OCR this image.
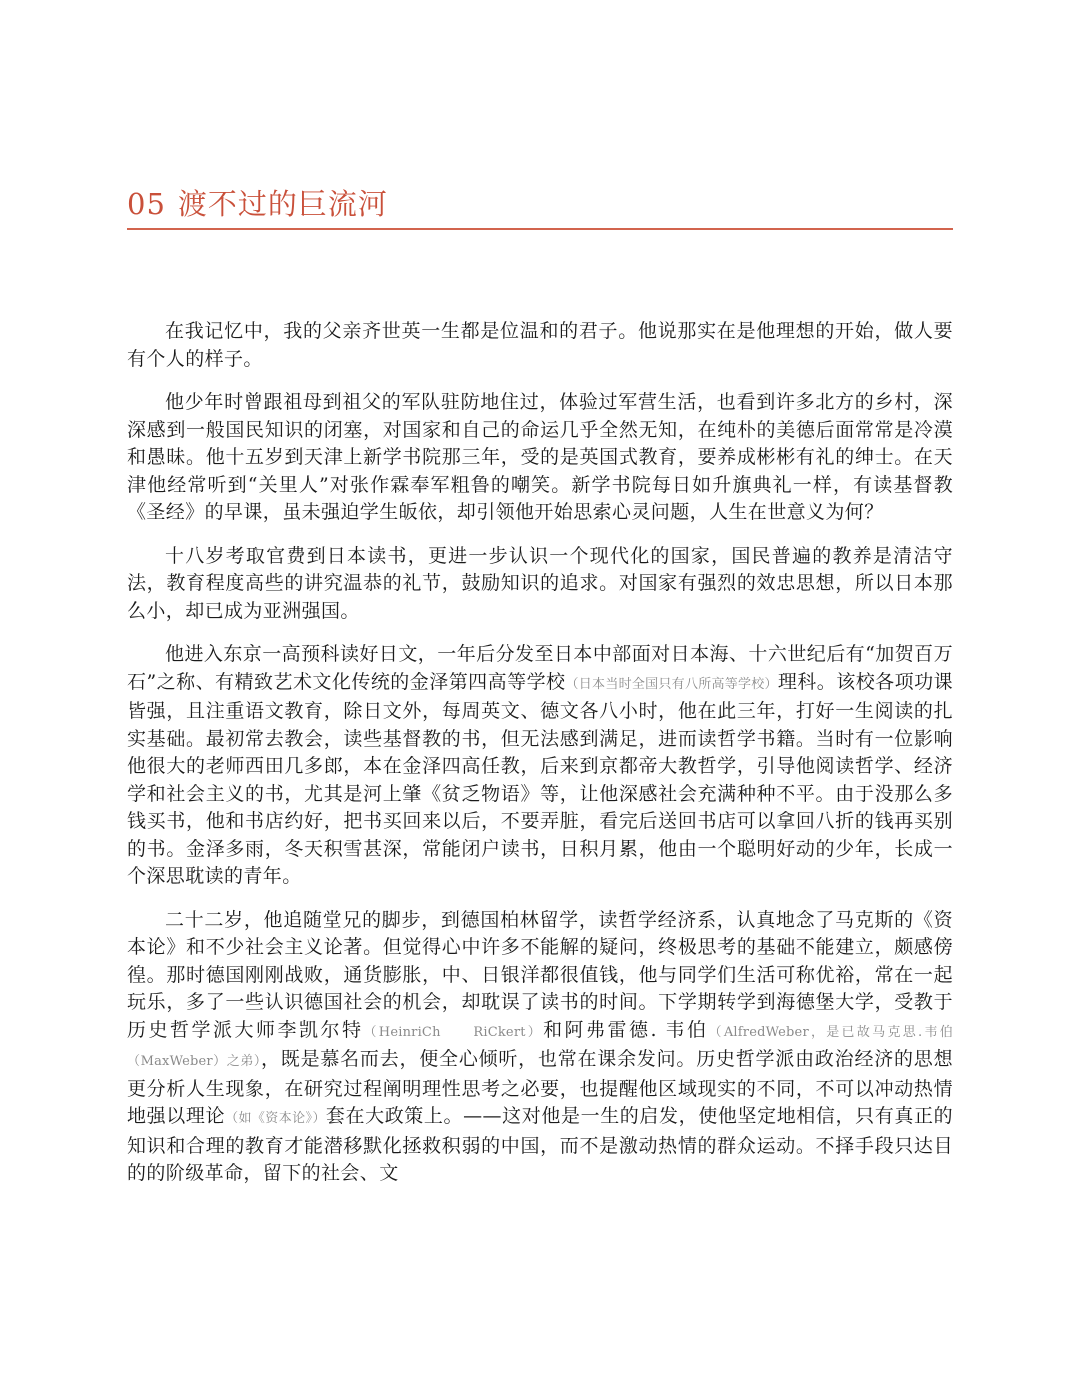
05 渡不过的巨流河

在我记忆中，我的父亲齐世英一生都是位温和的君子。他说那实在是他理想的开始，做人要有个人的样子。

他少年时曾跟祖母到祖父的军队驻防地住过，体验过军营生活，也看到许多北方的乡村，深深感到一般国民知识的闭塞，对国家和自己的命运几乎全然无知，在纯朴的美德后面常常是冷漠和愚昧。他十五岁到天津上新学书院那三年，受的是英国式教育，要养成彬彬有礼的绅士。在天津他经常听到“关里人”对张作霖奉军粗鲁的嘲笑。新学书院每日如升旗典礼一样，有读基督教《圣经》的早课，虽未强迫学生皈依，却引领他开始思索心灵问题，人生在世意义为何？

十八岁考取官费到日本读书，更进一步认识一个现代化的国家，国民普遍的教养是清洁守法，教育程度高些的讲究温恭的礼节，鼓励知识的追求。对国家有强烈的效忠思想，所以日本那么小，却已成为亚洲强国。

他进入东京一高预科读好日文，一年后分发至日本中部面对日本海、十六世纪后有“加贺百万石”之称、有精致艺术文化传统的金泽第四高等学校（日本当时全国只有八所高等学校）理科。该校各项功课皆强，且注重语文教育，除日文外，每周英文、德文各八小时，他在此三年，打好一生阅读的扎实基础。最初常去教会，读些基督教的书，但无法感到满足，进而读哲学书籍。当时有一位影响他很大的老师西田几多郎，本在金泽四高任教，后来到京都帝大教哲学，引导他阅读哲学、经济学和社会主义的书，尤其是河上肇《贫乏物语》等，让他深感社会充满种种不平。由于没那么多钱买书，他和书店约好，把书买回来以后，不要弄脏，看完后送回书店可以拿回八折的钱再买别的书。金泽多雨，冬天积雪甚深，常能闭户读书，日积月累，他由一个聪明好动的少年，长成一个深思耽读的青年。

二十二岁，他追随堂兄的脚步，到德国柏林留学，读哲学经济系，认真地念了马克斯的《资本论》和不少社会主义论著。但觉得心中许多不能解的疑问，终极思考的基础不能建立，颇感傍徨。那时德国刚刚战败，通货膨胀，中、日银洋都很值钱，他与同学们生活可称优裕，常在一起玩乐，多了一些认识德国社会的机会，却耽误了读书的时间。下学期转学到海德堡大学，受教于历史哲学派大师李凯尔特（HeinriCh　　RiCkert）和阿弗雷德. 韦伯（AlfredWeber，是已故马克思.韦伯（MaxWeber）之弟），既是慕名而去，便全心倾听，也常在课余发问。历史哲学派由政治经济的思想更分析人生现象，在研究过程阐明理性思考之必要，也提醒他区域现实的不同，不可以冲动热情地强以理论（如《资本论》）套在大政策上。——这对他是一生的启发，使他坚定地相信，只有真正的知识和合理的教育才能潜移默化拯救积弱的中国，而不是激动热情的群众运动。不择手段只达目的的阶级革命，留下的社会、文
